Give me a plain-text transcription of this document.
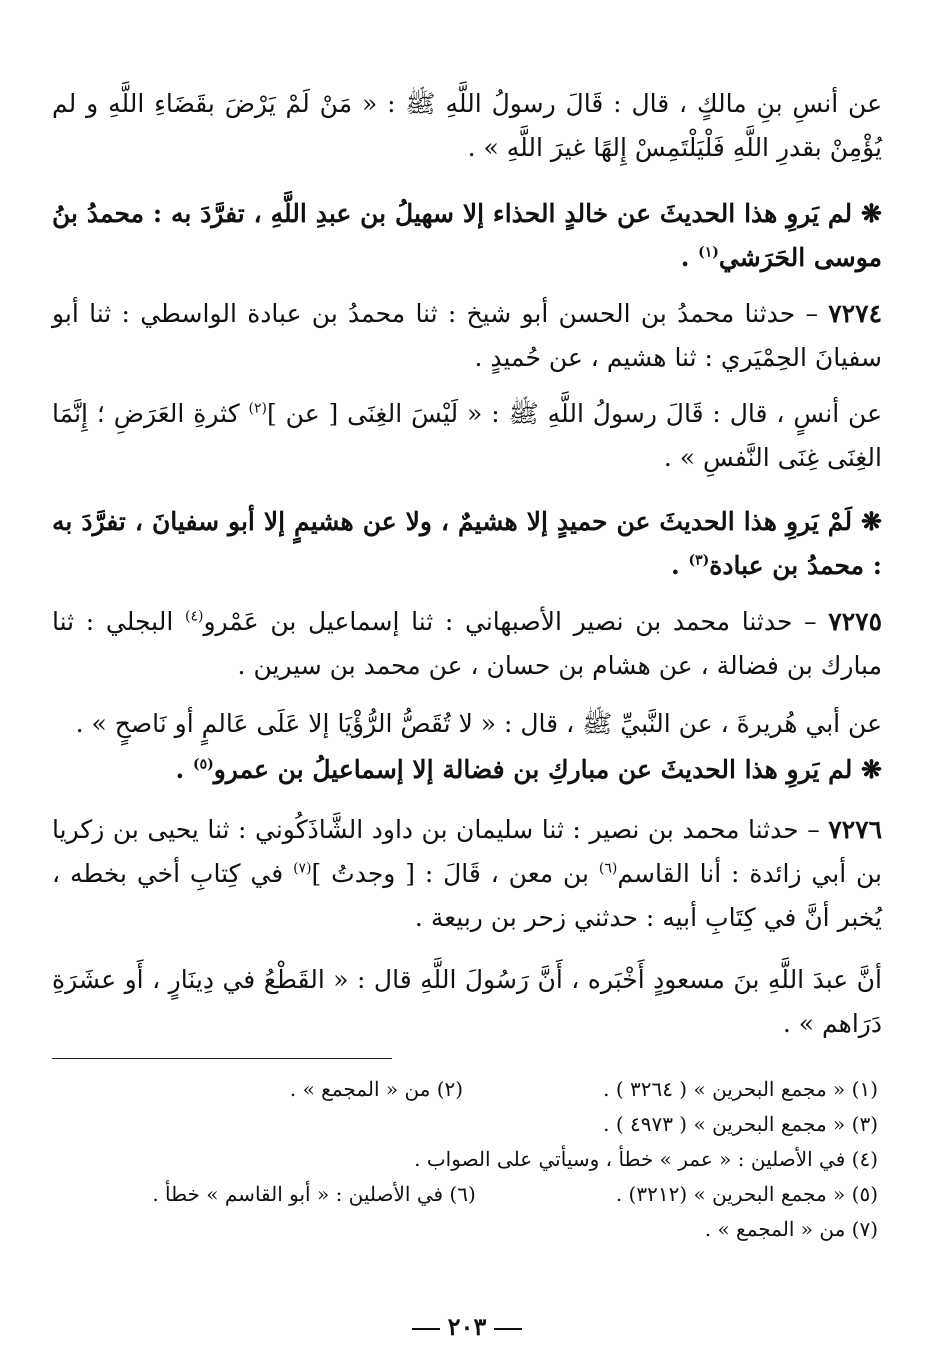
عن أنسِ بنِ مالكٍ ، قال : قَالَ رسولُ اللَّهِ ﷺ : « مَنْ لَمْ يَرْضَ بقَضَاءِ اللَّهِ و لم يُؤْمِنْ بقدرِ اللَّهِ فَلْيَلْتَمِسْ إِلهًا غيرَ اللَّهِ » .
❋ لم يَروِ هذا الحديثَ عن خالدٍ الحذاء إلا سهيلُ بن عبدِ اللَّهِ ، تفرَّدَ به : محمدُ بنُ موسى الحَرَشي$^{(١)}$ .
٧٢٧٤ – حدثنا محمدُ بن الحسن أبو شيخ : ثنا محمدُ بن عبادة الواسطي : ثنا أبو سفيانَ الحِمْيَري : ثنا هشيم ، عن حُميدٍ .
عن أنسٍ ، قال : قَالَ رسولُ اللَّهِ ﷺ : « لَيْسَ الغِنَى [ عن ]$^{(٢)}$ كثرةِ العَرَضِ ؛ إِنَّمَا الغِنَى غِنَى النَّفسِ » .
❋ لَمْ يَروِ هذا الحديثَ عن حميدٍ إلا هشيمٌ ، ولا عن هشيمٍ إلا أبو سفيانَ ، تفرَّدَ به : محمدُ بن عبادة$^{(٣)}$ .
٧٢٧٥ – حدثنا محمد بن نصير الأصبهاني : ثنا إسماعيل بن عَمْرو$^{(٤)}$ البجلي : ثنا مبارك بن فضالة ، عن هشام بن حسان ، عن محمد بن سيرين .
عن أبي هُريرةَ ، عن النَّبيِّ ﷺ ، قال : « لا تُقَصُّ الرُّؤْيَا إلا عَلَى عَالمٍ أو نَاصحٍ » .
❋ لم يَروِ هذا الحديثَ عن مباركِ بن فضالة إلا إسماعيلُ بن عمرو$^{(٥)}$ .
٧٢٧٦ – حدثنا محمد بن نصير : ثنا سليمان بن داود الشَّاذَكُوني : ثنا يحيى بن زكريا بن أبي زائدة : أنا القاسم$^{(٦)}$ بن معن ، قَالَ : [ وجدتُ ]$^{(٧)}$ في كِتابِ أخي بخطه ، يُخبر أنَّ في كِتَابِ أبيه : حدثني زحر بن ربيعة .
أنَّ عبدَ اللَّهِ بنَ مسعودٍ أَخْبَره ، أَنَّ رَسُولَ اللَّهِ قال : « القَطْعُ في دِينَارٍ ، أَو عشَرَةِ دَرَاهم » .
(١) « مجمع البحرين » ( ٣٢٦٤ ) .
(٢) من « المجمع » .
(٣) « مجمع البحرين » ( ٤٩٧٣ ) .
(٤) في الأصلين : « عمر » خطأ ، وسيأتي على الصواب .
(٥) « مجمع البحرين » (٣٢١٢) .
(٦) في الأصلين : « أبو القاسم » خطأ .
(٧) من « المجمع » .
٢٠٣
